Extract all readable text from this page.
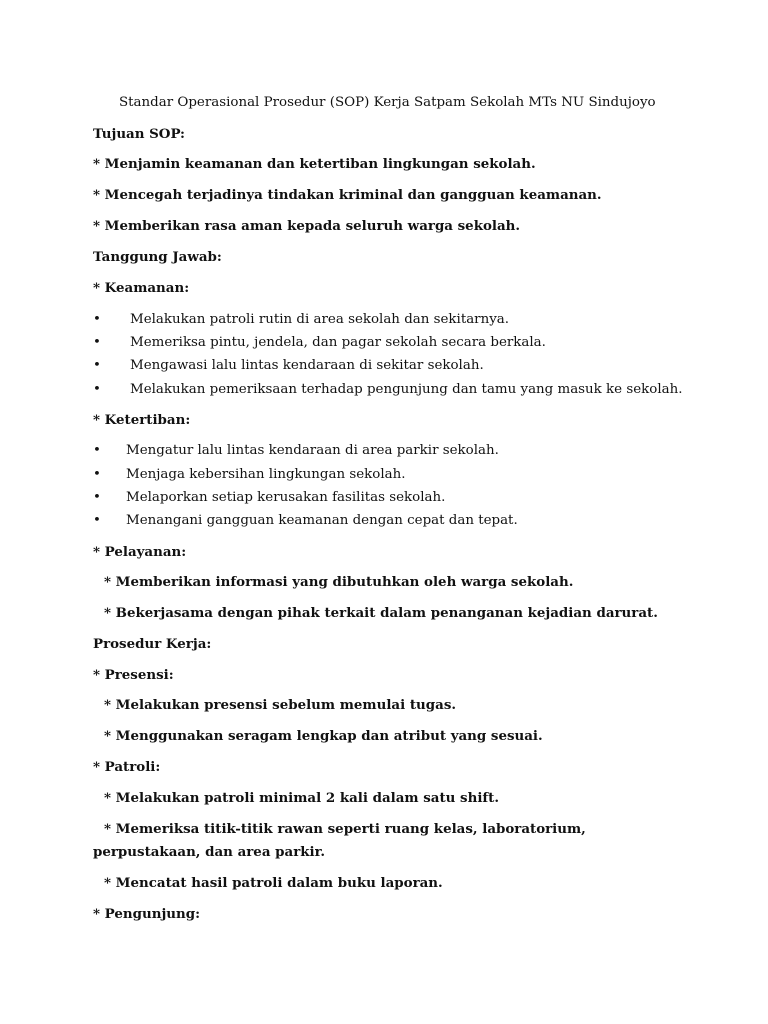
Standar Operasional Prosedur (SOP) Kerja Satpam Sekolah MTs NU Sindujoyo
Tujuan SOP:
* Menjamin keamanan dan ketertiban lingkungan sekolah.
* Mencegah terjadinya tindakan kriminal dan gangguan keamanan.
* Memberikan rasa aman kepada seluruh warga sekolah.
Tanggung Jawab:
* Keamanan:
• Melakukan patroli rutin di area sekolah dan sekitarnya.
• Memeriksa pintu, jendela, dan pagar sekolah secara berkala.
• Mengawasi lalu lintas kendaraan di sekitar sekolah.
• Melakukan pemeriksaan terhadap pengunjung dan tamu yang masuk ke sekolah.
* Ketertiban:
• Mengatur lalu lintas kendaraan di area parkir sekolah.
• Menjaga kebersihan lingkungan sekolah.
• Melaporkan setiap kerusakan fasilitas sekolah.
• Menangani gangguan keamanan dengan cepat dan tepat.
* Pelayanan:
* Memberikan informasi yang dibutuhkan oleh warga sekolah.
* Bekerjasama dengan pihak terkait dalam penanganan kejadian darurat.
Prosedur Kerja:
* Presensi:
* Melakukan presensi sebelum memulai tugas.
* Menggunakan seragam lengkap dan atribut yang sesuai.
* Patroli:
* Melakukan patroli minimal 2 kali dalam satu shift.
* Memeriksa titik-titik rawan seperti ruang kelas, laboratorium, perpustakaan, dan area parkir.
* Mencatat hasil patroli dalam buku laporan.
* Pengunjung:
